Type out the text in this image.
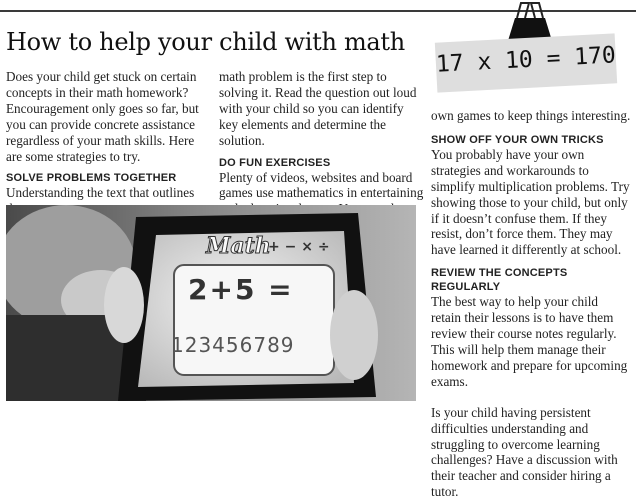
How to help your child with math

Does your child get stuck on certain concepts in their math homework? Encouragement only goes so far, but you can provide concrete assistance regardless of your math skills. Here are some strategies to try.

SOLVE PROBLEMS TOGETHER

Understanding the text that outlines

math problem is the first step to solving it. Read the question out loud with your child so you can identify key elements and determine the solution.

DO FUN EXERCISES

Plenty of videos, websites and board games use mathematics in entertaining

own games to keep things interesting.

SHOW OFF YOUR OWN TRICKS

You probably have your own strategies and workarounds to simplify multiplication problems. Try showing those to your child, but only if it doesn’t confuse them. If they resist, don’t force them. They may have learned it differently at school.

REVIEW THE CONCEPTS REGULARLY

The best way to help your child retain their lessons is to have them review their course notes regularly. This will help them manage their homework and prepare for upcoming exams.

Is your child having persistent difficulties understanding and struggling to overcome learning challenges? Have a discussion with their teacher and consider hiring a tutor.

17 x 10 = 170
Math
+ − × ÷
2+5 =
123456789
